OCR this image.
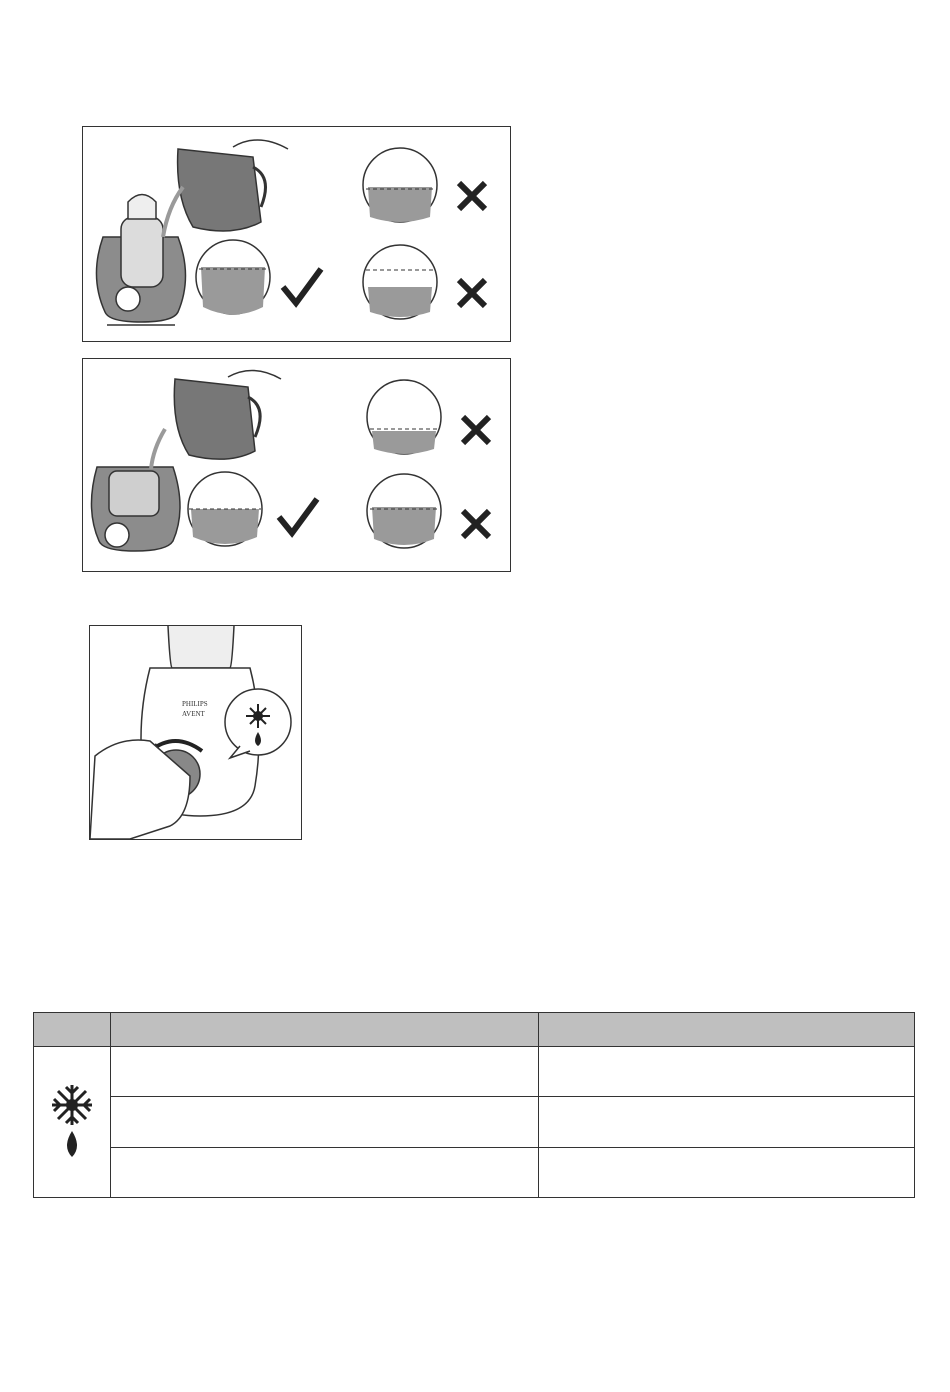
PHILIPS
AVENT
